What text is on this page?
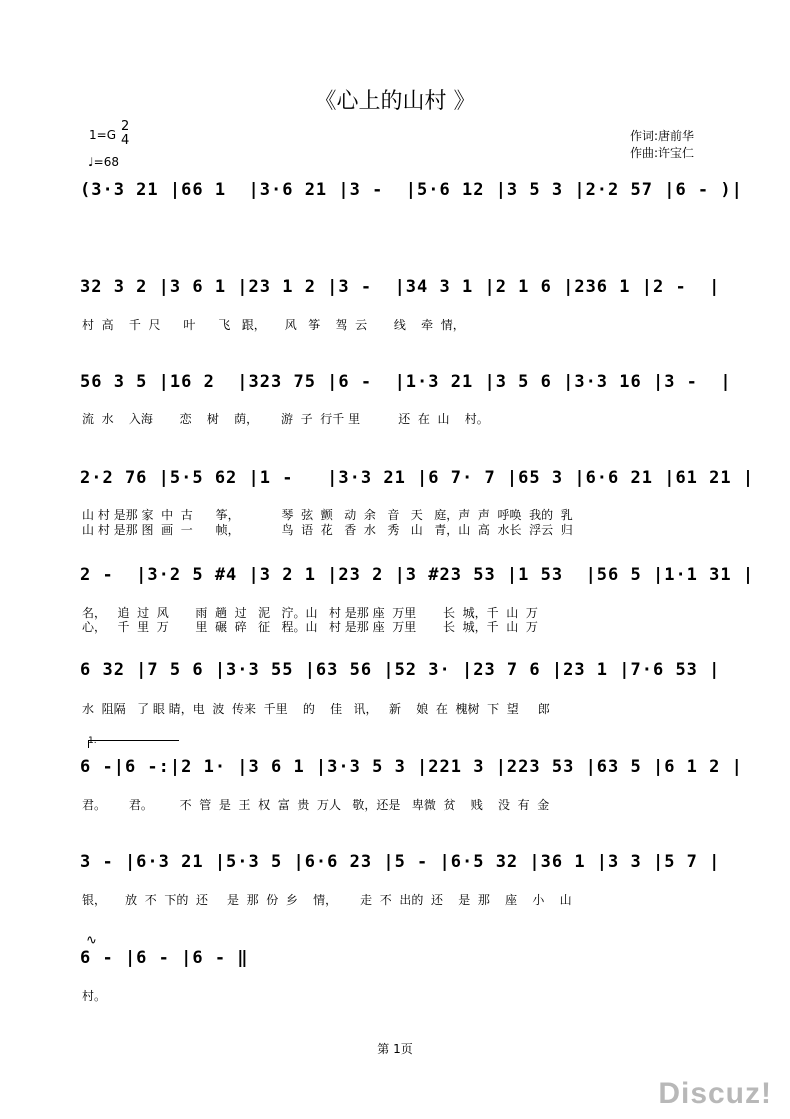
《心上的山村 》
1=G
2
4
♩=68
作词:唐前华
作曲:许宝仁
(3·3 21 |66 1  |3·6 21 |3 -  |5·6 12 |3 5 3 |2·2 57 |6 - )|
32 3 2 |3 6 1 |23 1 2 |3 -  |34 3 1 |2 1 6 |236 1 |2 -  |
村  高    千  尺      叶      飞   跟，     风   筝    驾  云       线    牵  情，
56 3 5 |16 2  |323 75 |6 -  |1·3 21 |3 5 6 |3·3 16 |3 -  |
流  水    入海       恋    树    荫，      游  子  行千 里          还  在  山    村。
2·2 76 |5·5 62 |1 -   |3·3 21 |6 7· 7 |65 3 |6·6 21 |61 21 |
山 村 是那 家  中  古      筝，           琴  弦  颤   动  余   音   天   庭，声  声  呼唤  我的  乳
山 村 是那 图  画  一      帧，           鸟  语  花   香  水   秀   山   青，山  高  水长  浮云  归
2 -  |3·2 5 #4 |3 2 1 |23 2 |3 #23 53 |1 53  |56 5 |1·1 31 |
名，   追  过  风       雨  趟  过   泥   泞。山   村 是那 座  万里       长  城，千  山  万
心，   千  里  万       里  碾  碎   征   程。山   村 是那 座  万里       长  城，千  山  万
6 32 |7 5 6 |3·3 55 |63 56 |52 3· |23 7 6 |23 1 |7·6 53 |
水  阻隔   了 眼 睛，电  波  传来  千里    的    佳   讯，   新    娘  在  槐树  下  望     郎
1.
6 -|6 -:|2 1· |3 6 1 |3·3 5 3 |221 3 |223 53 |63 5 |6 1 2 |
君。      君。       不  管  是  王  权  富  贵  万人   敬，还是   卑微  贫    贱    没  有  金
3 - |6·3 21 |5·3 5 |6·6 23 |5 - |6·5 32 |36 1 |3 3 |5 7 |
银，     放  不  下的  还     是  那  份  乡    情，      走  不  出的  还    是  那    座    小    山
∿
6 - |6 - |6 - ‖
村。
第 1页
Discuz!
